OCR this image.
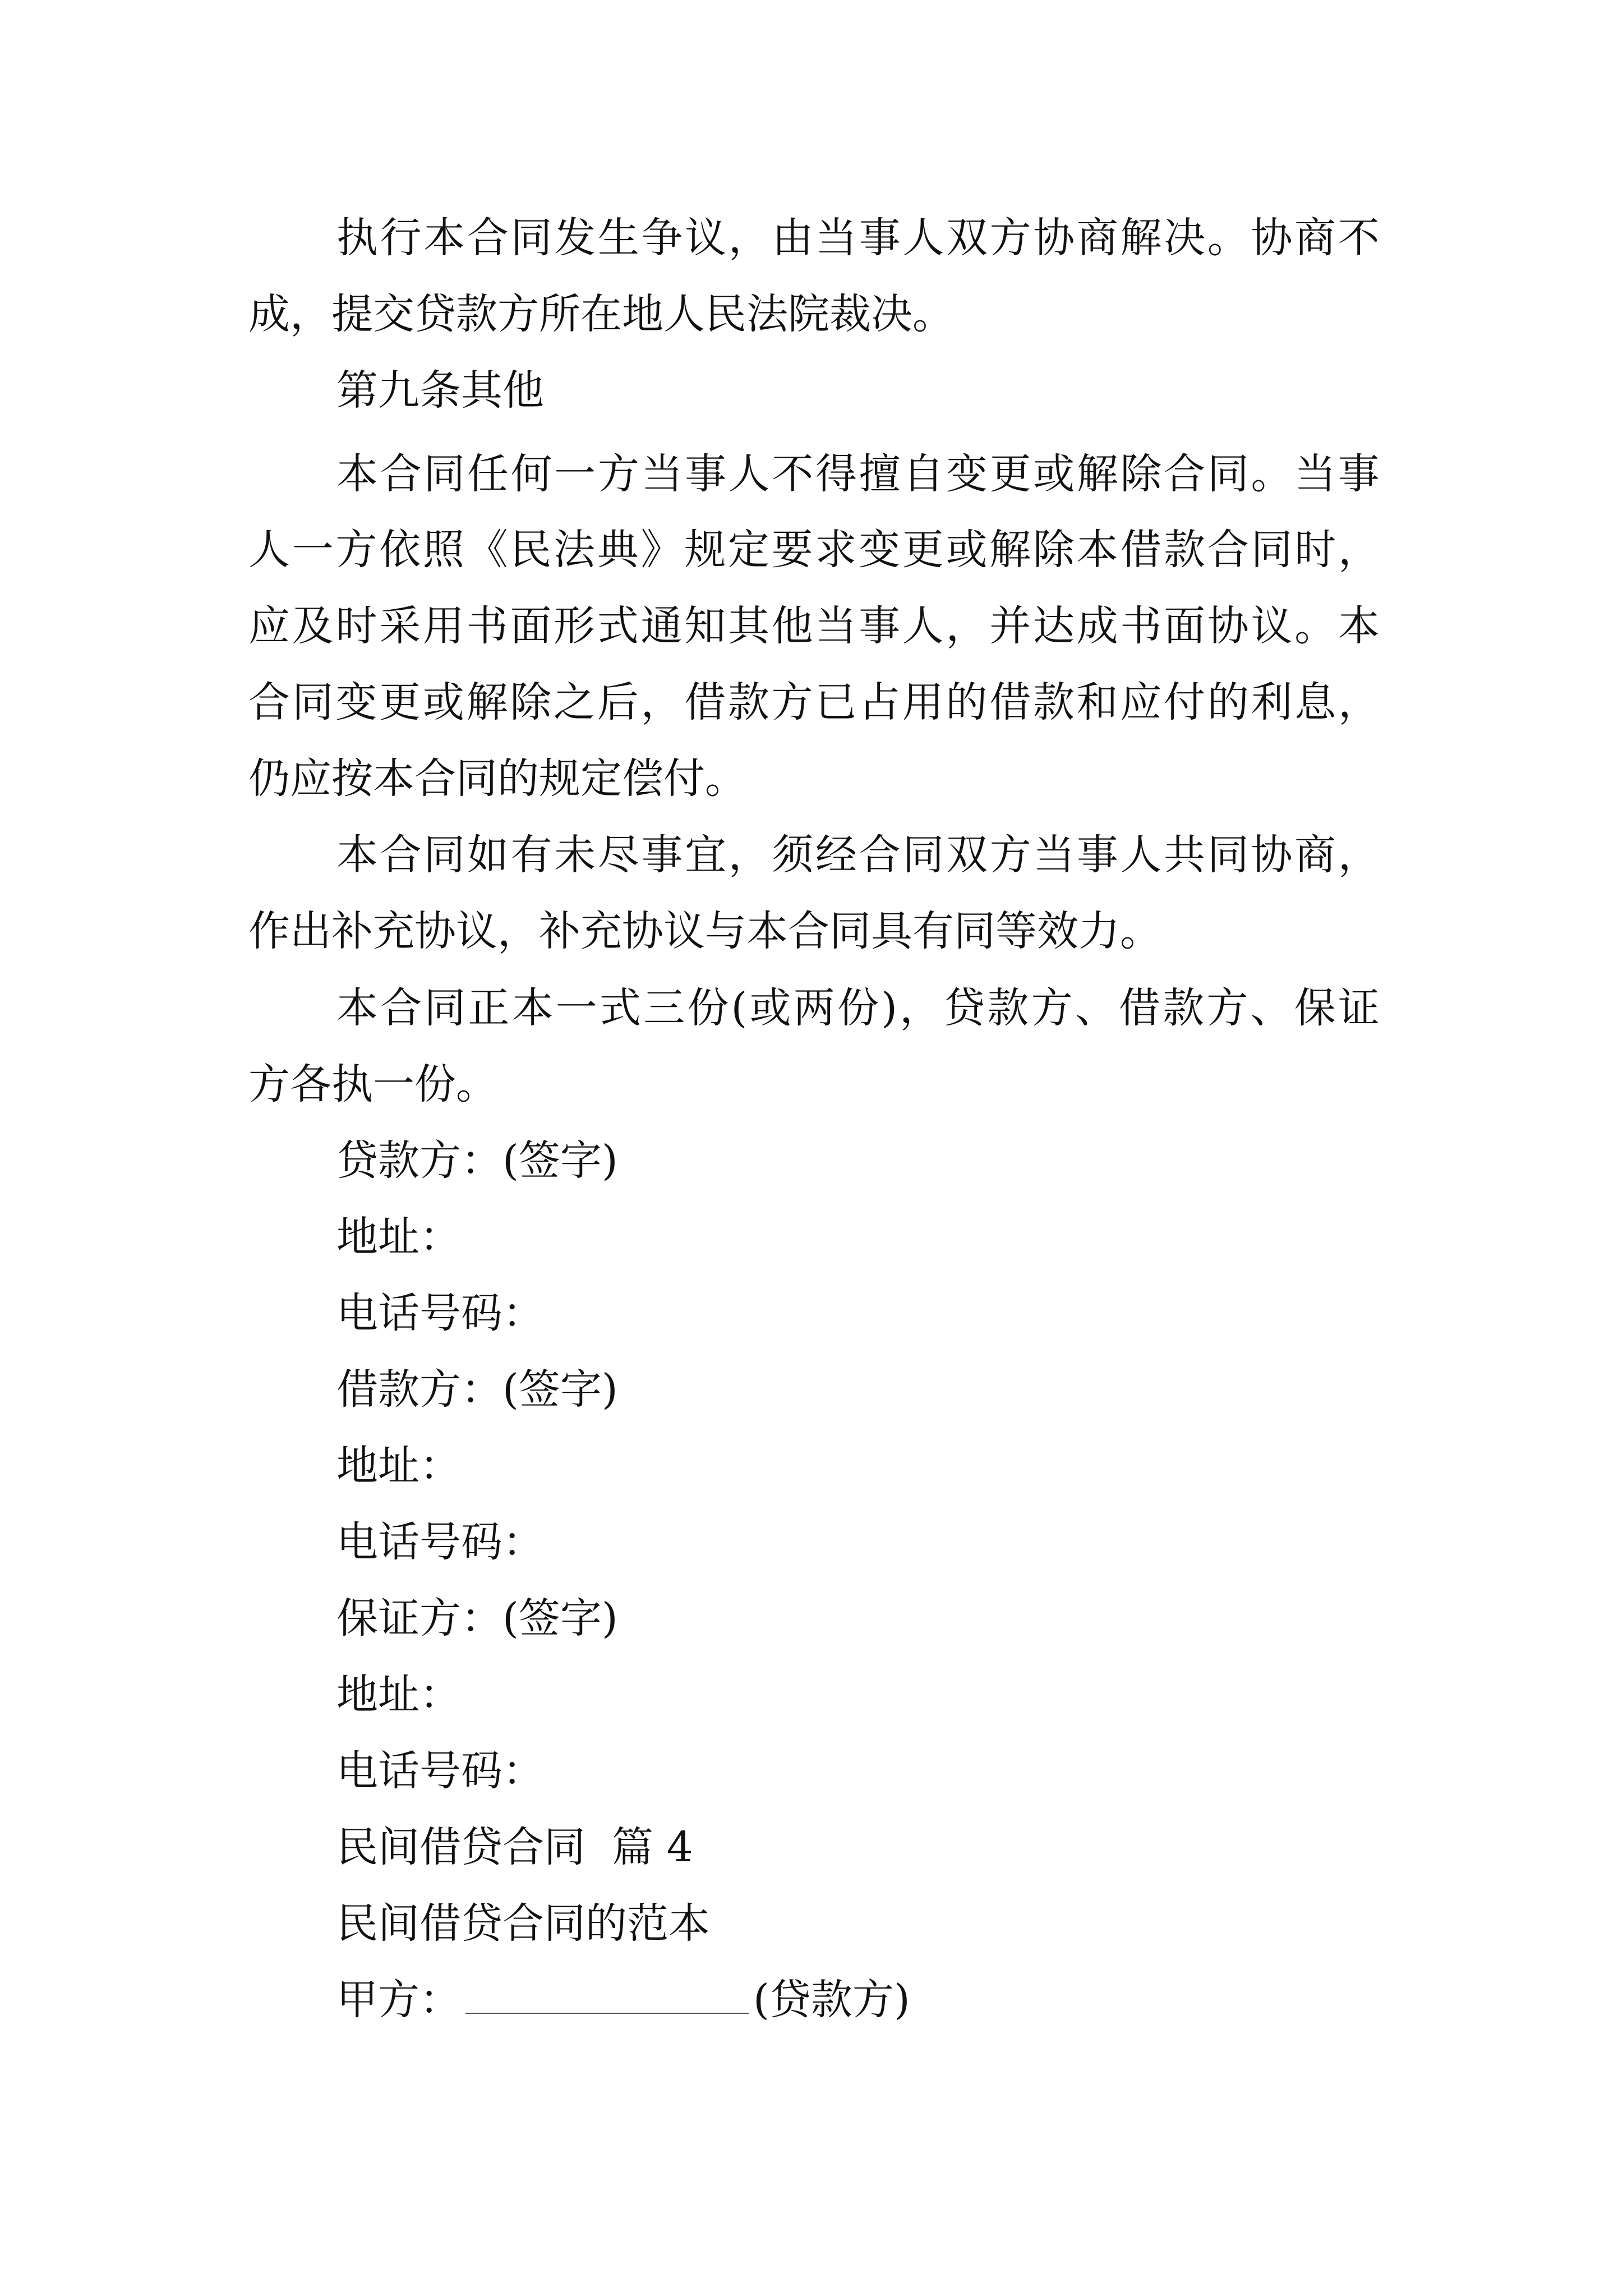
执 行 本 合 同 发 生 争 议 ， 由 当 事 人 双 方 协 商 解 决 。 协 商 不
成，提交贷款方所在地人民法院裁决。
第九条其他
本 合 同 任 何 一 方 当 事 人 不 得 擅 自 变 更 或 解 除 合 同 。 当 事
人 一 方 依 照 《 民 法 典 》 规 定 要 求 变 更 或 解 除 本 借 款 合 同 时 ，
应 及 时 采 用 书 面 形 式 通 知 其 他 当 事 人 ， 并 达 成 书 面 协 议 。 本
合 同 变 更 或 解 除 之 后 ， 借 款 方 已 占 用 的 借 款 和 应 付 的 利 息 ，
仍应按本合同的规定偿付。
本 合 同 如 有 未 尽 事 宜 ， 须 经 合 同 双 方 当 事 人 共 同 协 商 ，
作出补充协议，补充协议与本合同具有同等效力。
本 合 同 正 本 一 式 三 份 ( 或 两 份 ) ， 贷 款 方 、 借 款 方 、 保 证
方各执一份。
贷款方：(签字)
地址：
电话号码：
借款方：(签字)
地址：
电话号码：
保证方：(签字)
地址：
电话号码：
民间借贷合同  篇 4
民间借贷合同的范本
甲方：	(贷款方)
